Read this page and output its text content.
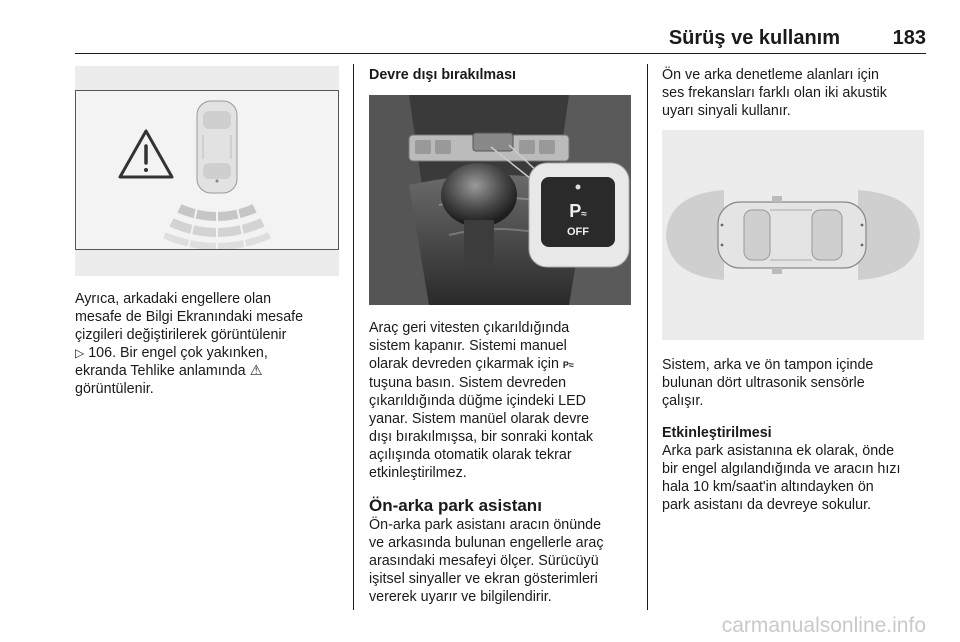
Sürüş ve kullanım	183

Ayrıca, arkadaki engellere olan

mesafe de Bilgi Ekranındaki mesafe

çizgileri değiştirilerek görüntülenir

▷ 106. Bir engel çok yakınken,

ekranda Tehlike anlamında ⚠

görüntülenir.

Devre dışı bırakılması

P≈
OFF

Araç geri vitesten çıkarıldığında

sistem kapanır. Sistemi manuel

olarak devreden çıkarmak için P≈

tuşuna basın. Sistem devreden

çıkarıldığında düğme içindeki LED

yanar. Sistem manüel olarak devre

dışı bırakılmışsa, bir sonraki kontak

açılışında otomatik olarak tekrar

etkinleştirilmez.

Ön-arka park asistanı

Ön-arka park asistanı aracın önünde

ve arkasında bulunan engellerle araç

arasındaki mesafeyi ölçer. Sürücüyü

işitsel sinyaller ve ekran gösterimleri

vererek uyarır ve bilgilendirir.

Ön ve arka denetleme alanları için

ses frekansları farklı olan iki akustik

uyarı sinyali kullanır.

Sistem, arka ve ön tampon içinde

bulunan dört ultrasonik sensörle

çalışır.

Etkinleştirilmesi

Arka park asistanına ek olarak, önde

bir engel algılandığında ve aracın hızı

hala 10 km/saat'in altındayken ön

park asistanı da devreye sokulur.

carmanualsonline.info
